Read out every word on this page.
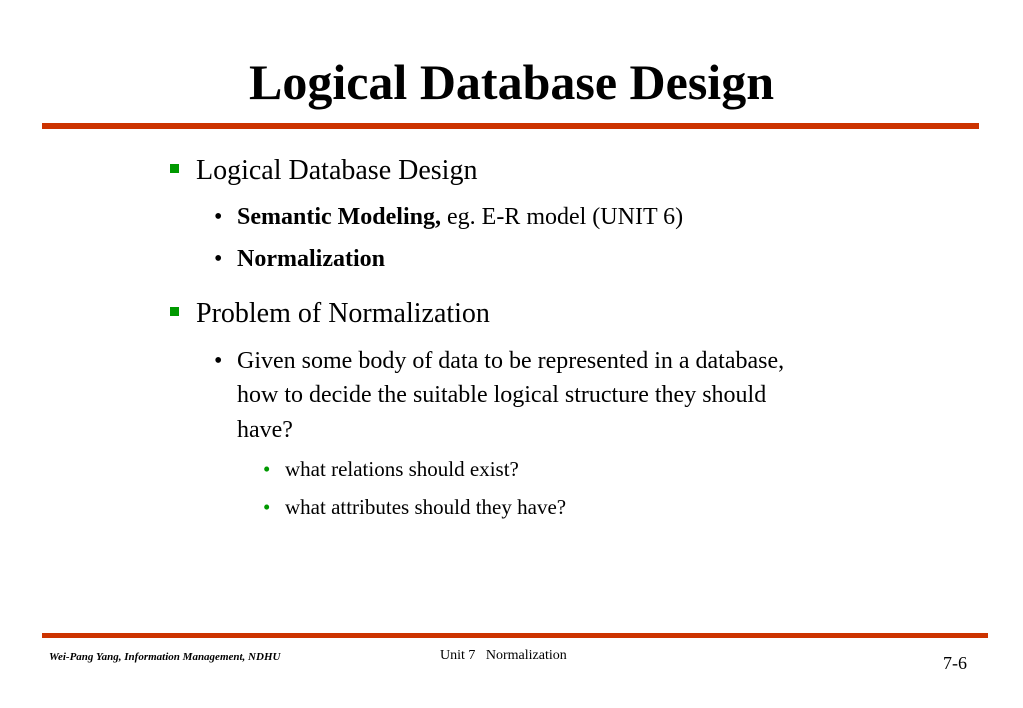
Logical Database Design
Logical Database Design
• Semantic Modeling, eg. E-R model (UNIT 6)
• Normalization
Problem of Normalization
• Given some body of data to be represented in a database,
how to decide the suitable logical structure they should
have?
• what relations should exist?
• what attributes should they have?
Wei-Pang Yang, Information Management, NDHU	Unit 7 Normalization	7-6
